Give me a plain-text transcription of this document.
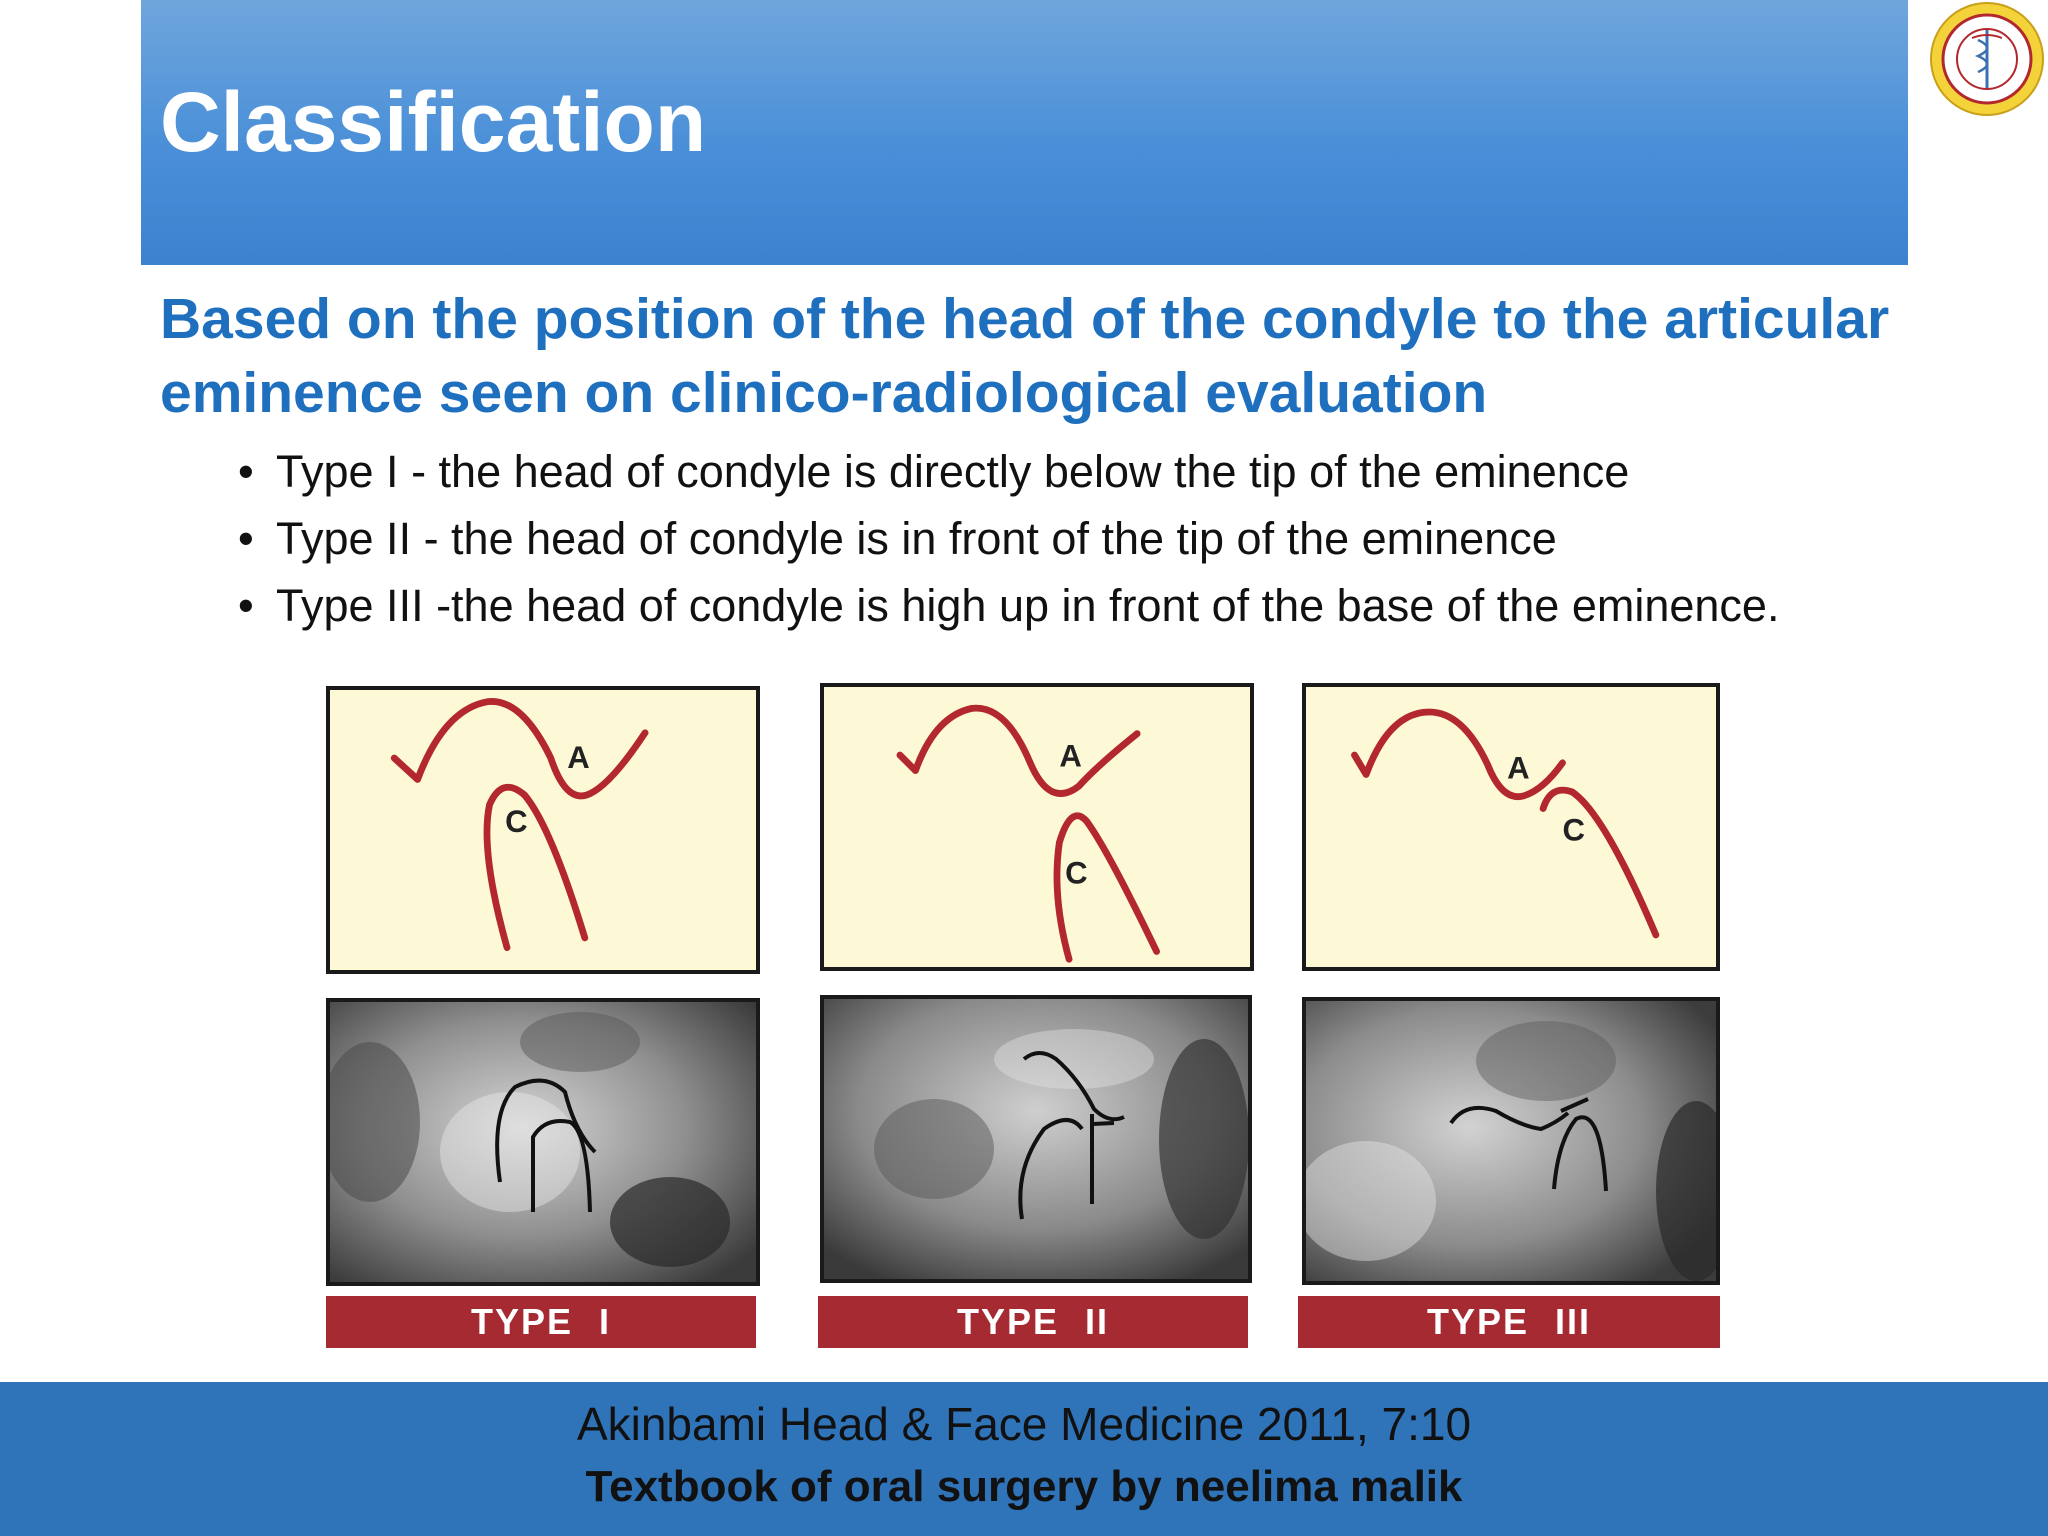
Classification

Based on the position of the head of the condyle to the articular eminence seen on clinico-radiological evaluation

• Type I - the head of condyle is directly below the tip of the eminence
• Type II - the head of condyle is in front of the tip of the eminence
• Type III -the head of condyle is high up in front of the base of the eminence.
A
C
TYPE I
A
C
TYPE II
A
C
TYPE III
Akinbami Head & Face Medicine 2011, 7:10
Textbook of oral surgery by neelima malik
